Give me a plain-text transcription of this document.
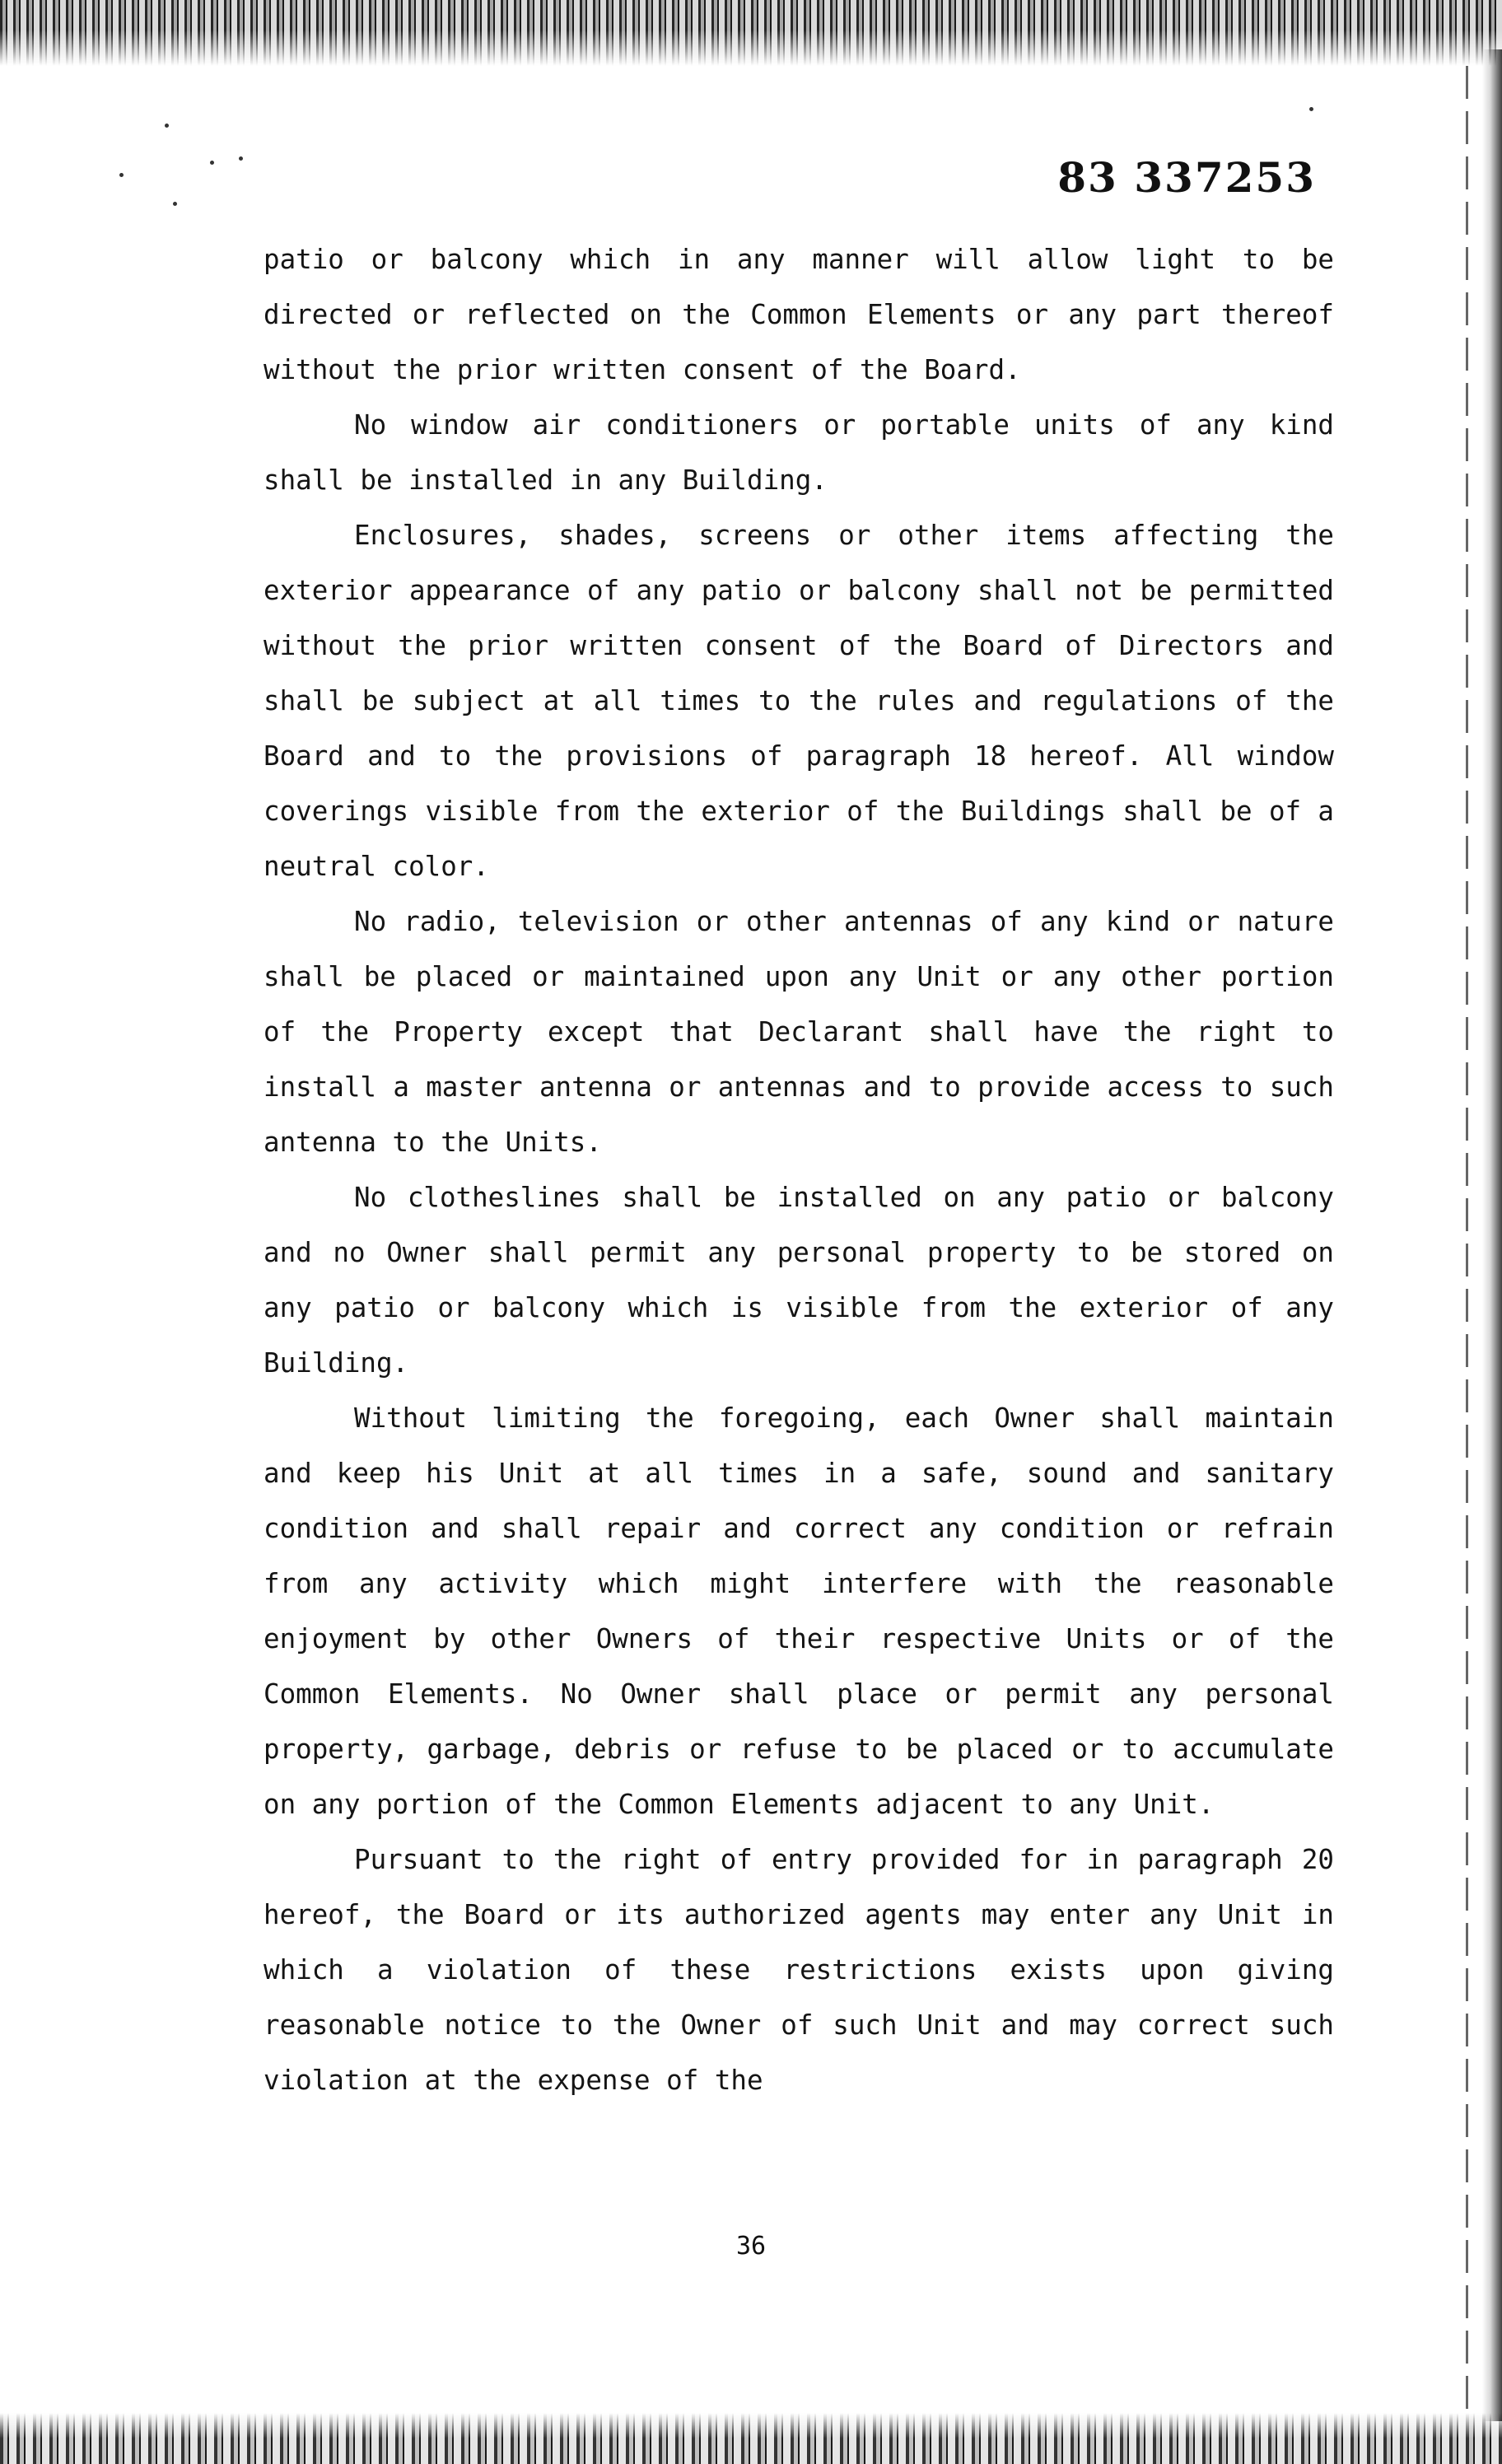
83 337253

patio or balcony which in any manner will allow light to be directed or reflected on the Common Elements or any part thereof without the prior written consent of the Board.

No window air conditioners or portable units of any kind shall be installed in any Building.

Enclosures, shades, screens or other items affecting the exterior appearance of any patio or balcony shall not be permitted without the prior written consent of the Board of Directors and shall be subject at all times to the rules and regulations of the Board and to the provisions of paragraph 18 hereof. All window coverings visible from the exterior of the Buildings shall be of a neutral color.

No radio, television or other antennas of any kind or nature shall be placed or maintained upon any Unit or any other portion of the Property except that Declarant shall have the right to install a master antenna or antennas and to provide access to such antenna to the Units.

No clotheslines shall be installed on any patio or balcony and no Owner shall permit any personal property to be stored on any patio or balcony which is visible from the exterior of any Building.

Without limiting the foregoing, each Owner shall maintain and keep his Unit at all times in a safe, sound and sanitary condition and shall repair and correct any condition or refrain from any activity which might interfere with the reasonable enjoyment by other Owners of their respective Units or of the Common Elements. No Owner shall place or permit any personal property, garbage, debris or refuse to be placed or to accumulate on any portion of the Common Elements adjacent to any Unit.

Pursuant to the right of entry provided for in paragraph 20 hereof, the Board or its authorized agents may enter any Unit in which a violation of these restrictions exists upon giving reasonable notice to the Owner of such Unit and may correct such violation at the expense of the

36
